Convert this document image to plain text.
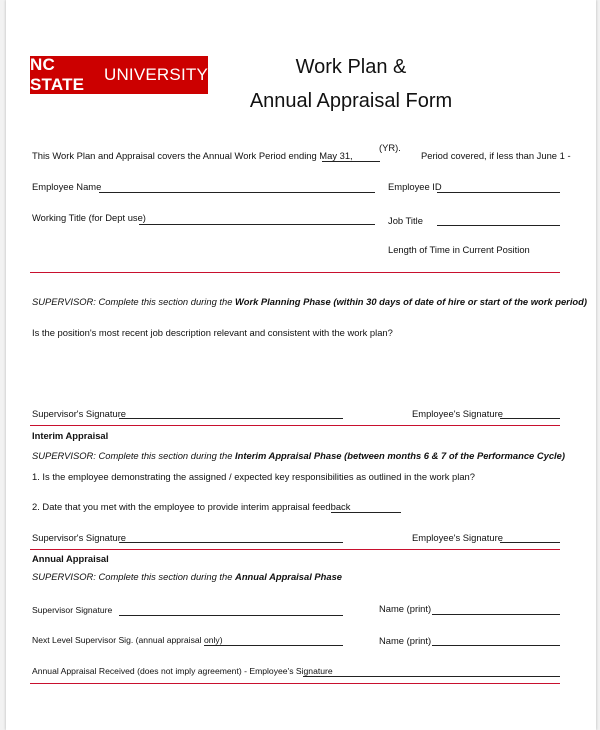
NC STATE
UNIVERSITY	Work Plan &
Annual Appraisal Form
This Work Plan and Appraisal covers the Annual Work Period ending May 31,
(YR).
Period covered, if less than June 1 -
Employee Name	Employee ID
Working Title (for Dept use)	Job Title
Length of Time in Current Position
SUPERVISOR: Complete this section during the Work Planning Phase (within 30 days of date of hire or start of the work period)
Is the position's most recent job description relevant and consistent with the work plan?
Supervisor's Signature	Employee's Signature
Interim Appraisal
SUPERVISOR: Complete this section during the Interim Appraisal Phase (between months 6 & 7 of the Performance Cycle)
1. Is the employee demonstrating the assigned / expected key responsibilities as outlined in the work plan?
2. Date that you met with the employee to provide interim appraisal feedback
Supervisor's Signature	Employee's Signature
Annual Appraisal
SUPERVISOR: Complete this section during the Annual Appraisal Phase
Supervisor Signature	Name (print)
Next Level Supervisor Sig. (annual appraisal only)	Name (print)
Annual Appraisal Received (does not imply agreement) - Employee's Signature
